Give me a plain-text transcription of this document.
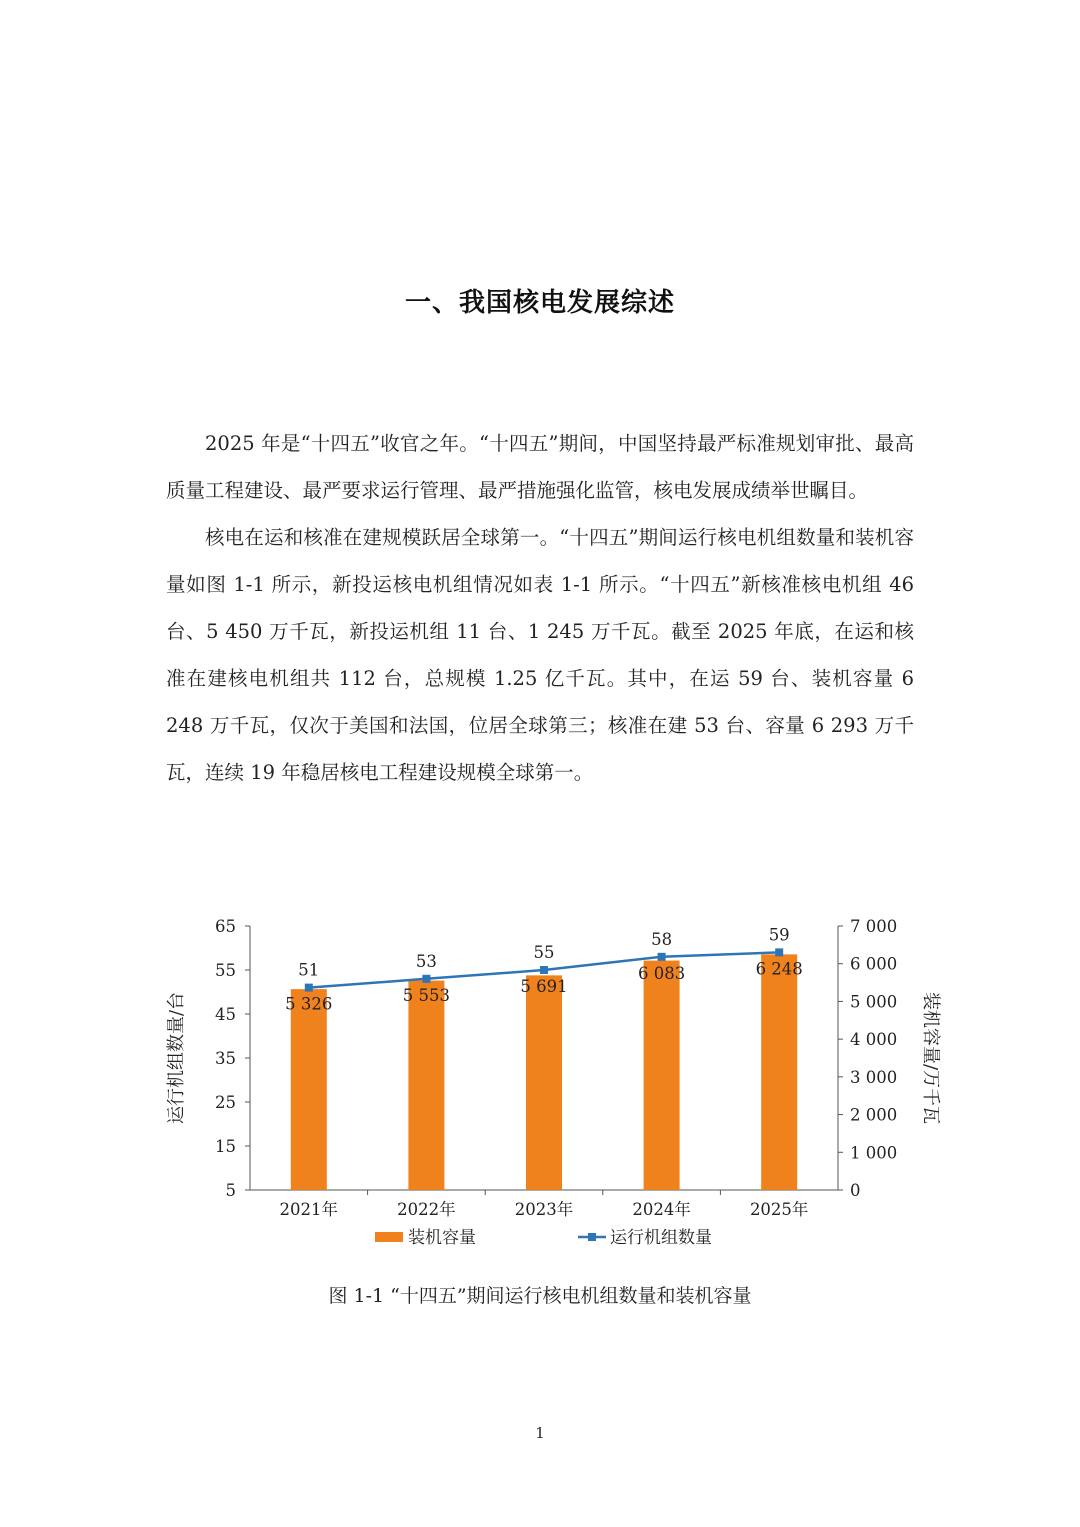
一、我国核电发展综述

2025 年是“十四五”收官之年。“十四五”期间，中国坚持最严标准规划审批、最高质量工程建设、最严要求运行管理、最严措施强化监管，核电发展成绩举世瞩目。

核电在运和核准在建规模跃居全球第一。“十四五”期间运行核电机组数量和装机容量如图 1-1 所示，新投运核电机组情况如表 1-1 所示。“十四五”新核准核电机组 46 台、5 450 万千瓦，新投运机组 11 台、1 245 万千瓦。截至 2025 年底，在运和核准在建核电机组共 112 台，总规模 1.25 亿千瓦。其中，在运 59 台、装机容量 6 248 万千瓦，仅次于美国和法国，位居全球第三；核准在建 53 台、容量 6 293 万千瓦，连续 19 年稳居核电工程建设规模全球第一。

5
15
25
35
45
55
65
0
1 000
2 000
3 000
4 000
5 000
6 000
7 000
2021年	2022年	2023年	2024年	2025年
运行机组数量/台	装机容量/万千瓦
51	53	55
58	59
5 326	5 553	5 691
6 083	6 248
装机容量	运行机组数量
图 1-1 “十四五”期间运行核电机组数量和装机容量
1
